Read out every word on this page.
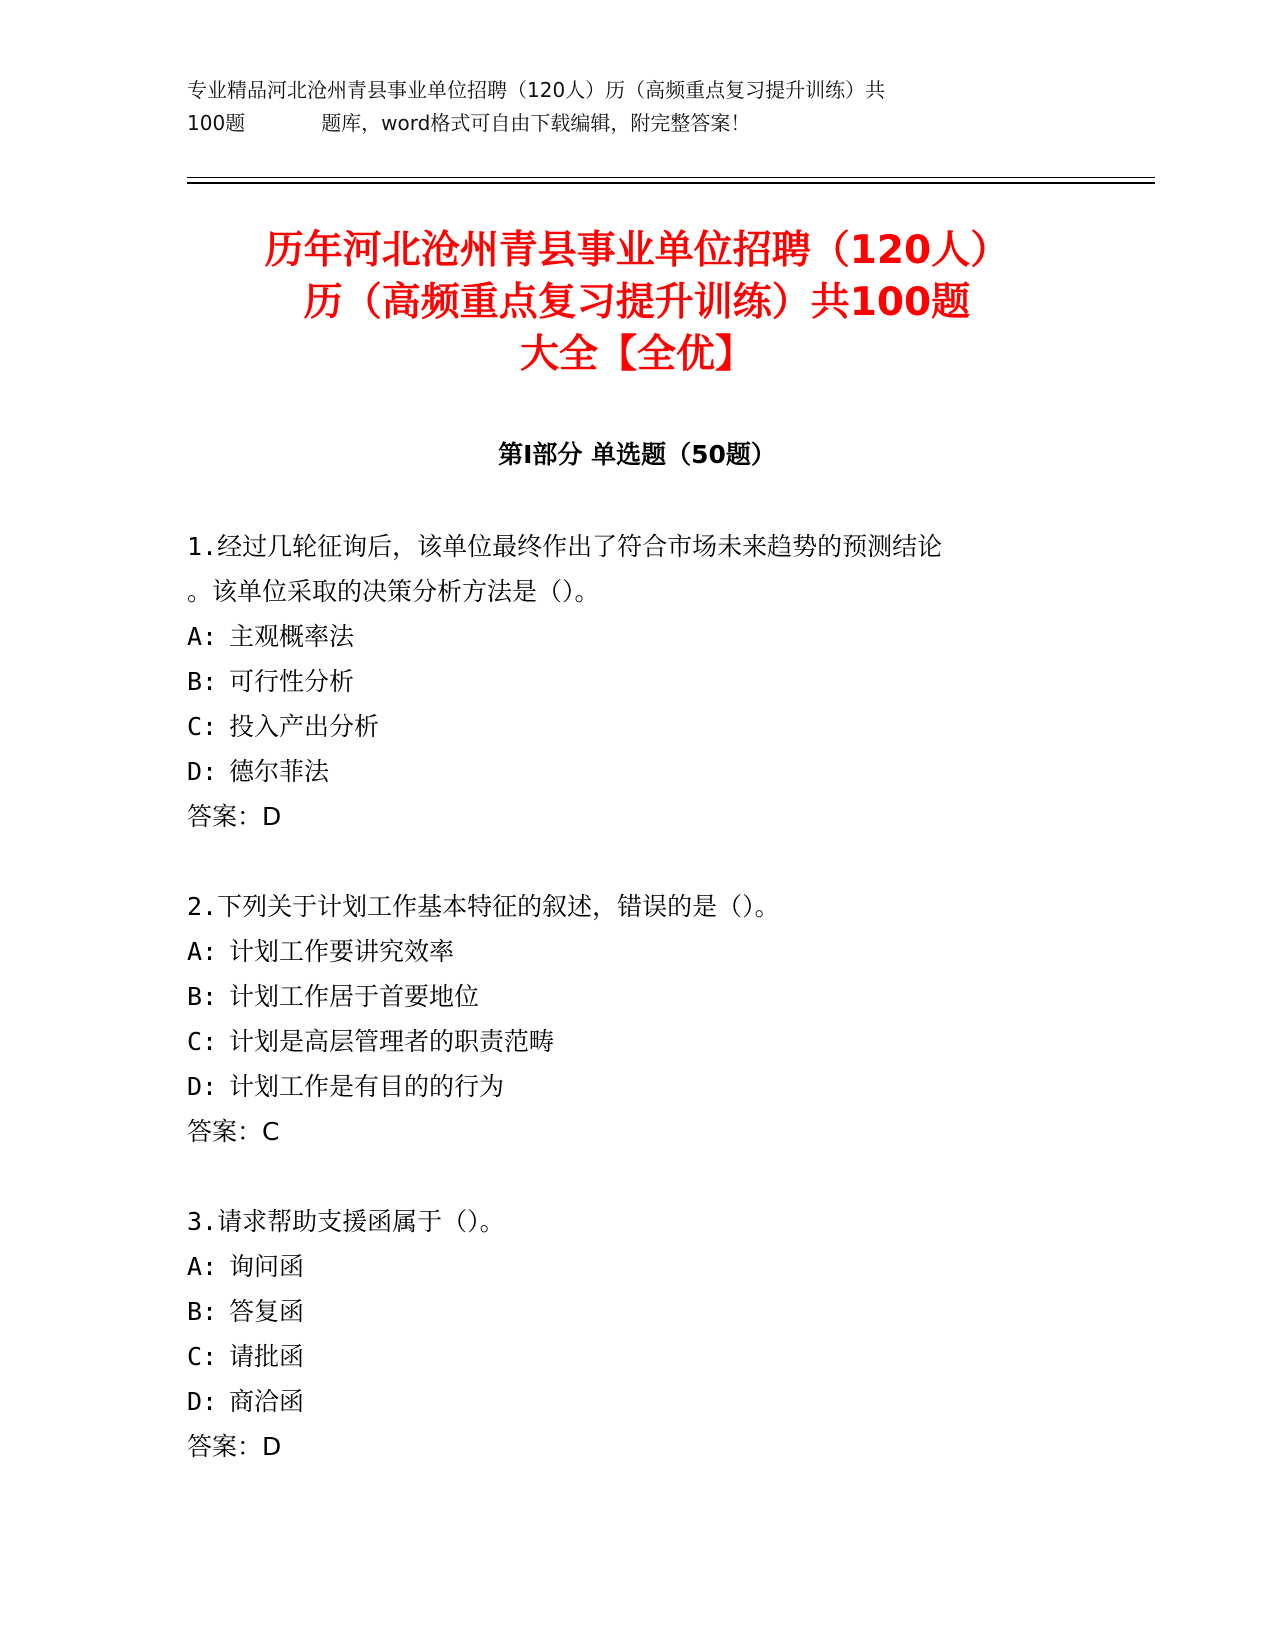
专业精品河北沧州青县事业单位招聘（120人）历（高频重点复习提升训练）共
100题	题库，word格式可自由下载编辑，附完整答案！
历年河北沧州青县事业单位招聘（120人）
历（高频重点复习提升训练）共100题
大全【全优】
第Ⅰ部分 单选题（50题）

1.经过几轮征询后，该单位最终作出了符合市场未来趋势的预测结论
。该单位采取的决策分析方法是（）。

A: 主观概率法

B: 可行性分析

C: 投入产出分析

D: 德尔菲法

答案：D

2.下列关于计划工作基本特征的叙述，错误的是（）。

A: 计划工作要讲究效率

B: 计划工作居于首要地位

C: 计划是高层管理者的职责范畴

D: 计划工作是有目的的行为

答案：C

3.请求帮助支援函属于（）。

A: 询问函

B: 答复函

C: 请批函

D: 商洽函

答案：D
